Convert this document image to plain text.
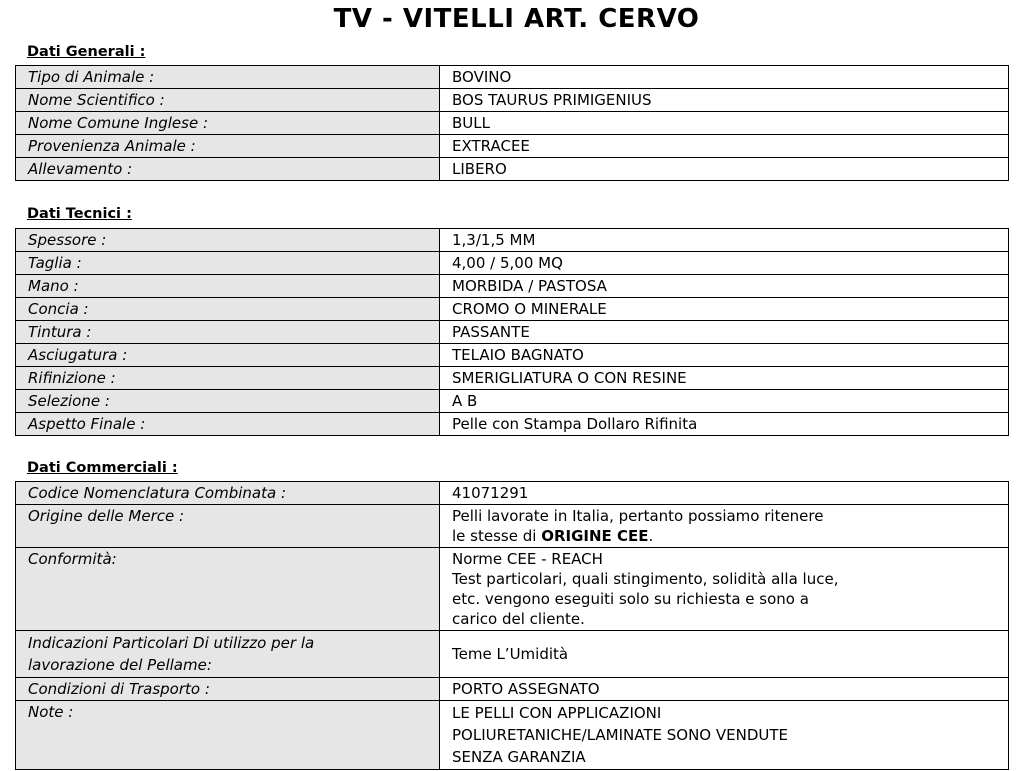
TV - VITELLI ART. CERVO
Dati Generali :
Tipo di Animale :	BOVINO
Nome Scientifico :	BOS TAURUS PRIMIGENIUS
Nome Comune Inglese :	BULL
Provenienza Animale :	EXTRACEE
Allevamento :	LIBERO
Dati Tecnici :
Spessore :	1,3/1,5 MM
Taglia :	4,00 / 5,00 MQ
Mano :	MORBIDA / PASTOSA
Concia :	CROMO O MINERALE
Tintura :	PASSANTE
Asciugatura :	TELAIO BAGNATO
Rifinizione :	SMERIGLIATURA O CON RESINE
Selezione :	A B
Aspetto Finale :	Pelle con Stampa Dollaro Rifinita
Dati Commerciali :
Codice Nomenclatura Combinata :	41071291
Origine delle Merce :	Pelli lavorate in Italia, pertanto possiamo ritenere
le stesse di ORIGINE CEE.

Conformità:	Norme CEE - REACH
Test particolari, quali stingimento, solidità alla luce,
etc. vengono eseguiti solo su richiesta e sono a
carico del cliente.

Indicazioni Particolari Di utilizzo per la
lavorazione del Pellame:	Teme L’Umidità
Condizioni di Trasporto :	PORTO ASSEGNATO
Note :	LE PELLI CON APPLICAZIONI
POLIURETANICHE/LAMINATE SONO VENDUTE
SENZA GARANZIA
